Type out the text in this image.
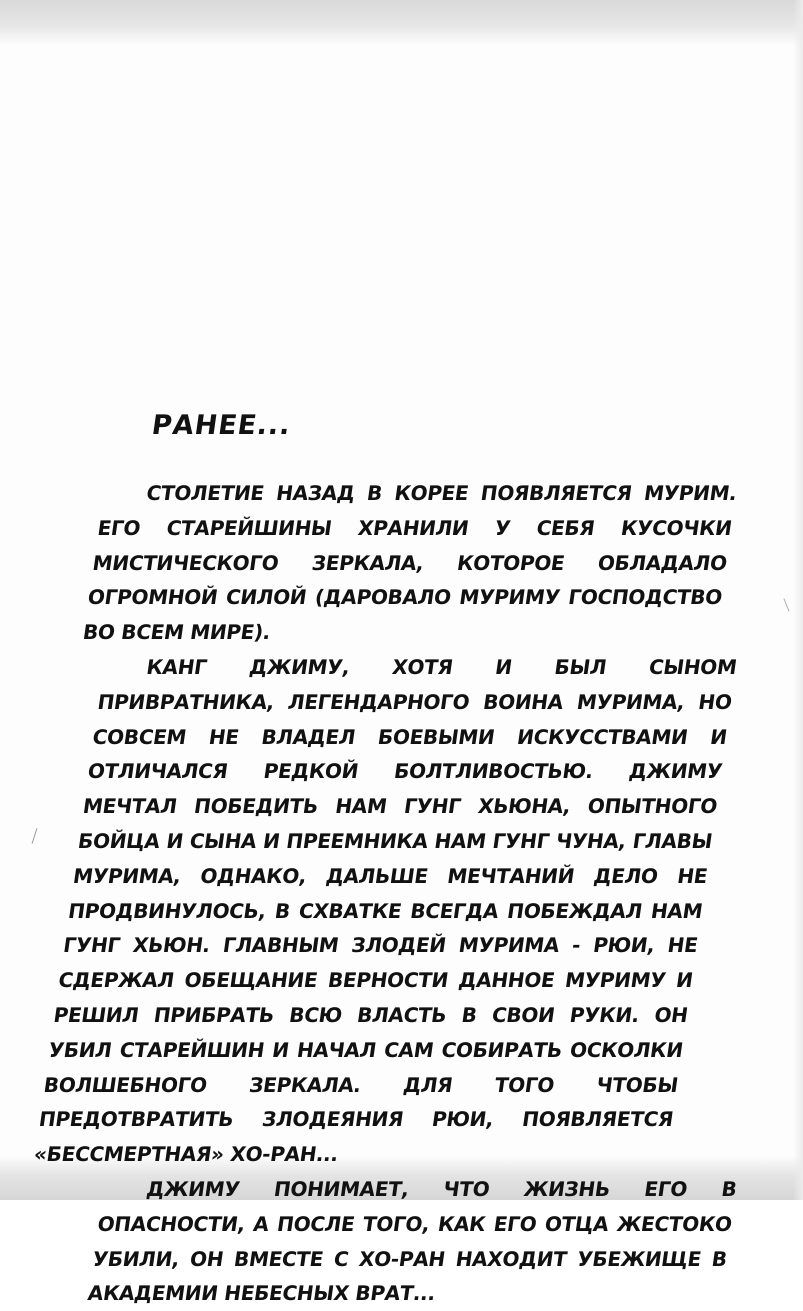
РАНЕЕ...

СТОЛЕТИЕ НАЗАД В КОРЕЕ ПОЯВЛЯЕТСЯ МУРИМ. ЕГО СТАРЕЙШИНЫ ХРАНИЛИ У СЕБЯ КУСОЧКИ МИСТИЧЕСКОГО ЗЕРКАЛА, КОТОРОЕ ОБЛАДАЛО ОГРОМНОЙ СИЛОЙ (ДАРОВАЛО МУРИМУ ГОСПОДСТВО ВО ВСЕМ МИРЕ).

КАНГ ДЖИМУ, ХОТЯ И БЫЛ СЫНОМ ПРИВРАТНИКА, ЛЕГЕНДАРНОГО ВОИНА МУРИМА, НО СОВСЕМ НЕ ВЛАДЕЛ БОЕВЫМИ ИСКУССТВАМИ И ОТЛИЧАЛСЯ РЕДКОЙ БОЛТЛИВОСТЬЮ. ДЖИМУ МЕЧТАЛ ПОБЕДИТЬ НАМ ГУНГ ХЬЮНА, ОПЫТНОГО БОЙЦА И СЫНА И ПРЕЕМНИКА НАМ ГУНГ ЧУНА, ГЛАВЫ МУРИМА, ОДНАКО, ДАЛЬШЕ МЕЧТАНИЙ ДЕЛО НЕ ПРОДВИНУЛОСЬ, В СХВАТКЕ ВСЕГДА ПОБЕЖДАЛ НАМ ГУНГ ХЬЮН. ГЛАВНЫМ ЗЛОДЕЙ МУРИМА - РЮИ, НЕ СДЕРЖАЛ ОБЕЩАНИЕ ВЕРНОСТИ ДАННОЕ МУРИМУ И РЕШИЛ ПРИБРАТЬ ВСЮ ВЛАСТЬ В СВОИ РУКИ. ОН УБИЛ СТАРЕЙШИН И НАЧАЛ САМ СОБИРАТЬ ОСКОЛКИ ВОЛШЕБНОГО ЗЕРКАЛА. ДЛЯ ТОГО ЧТОБЫ ПРЕДОТВРАТИТЬ ЗЛОДЕЯНИЯ РЮИ, ПОЯВЛЯЕТСЯ «БЕССМЕРТНАЯ» ХО-РАН...

ДЖИМУ ПОНИМАЕТ, ЧТО ЖИЗНЬ ЕГО В ОПАСНОСТИ, А ПОСЛЕ ТОГО, КАК ЕГО ОТЦА ЖЕСТОКО УБИЛИ, ОН ВМЕСТЕ С ХО-РАН НАХОДИТ УБЕЖИЩЕ В АКАДЕМИИ НЕБЕСНЫХ ВРАТ...
